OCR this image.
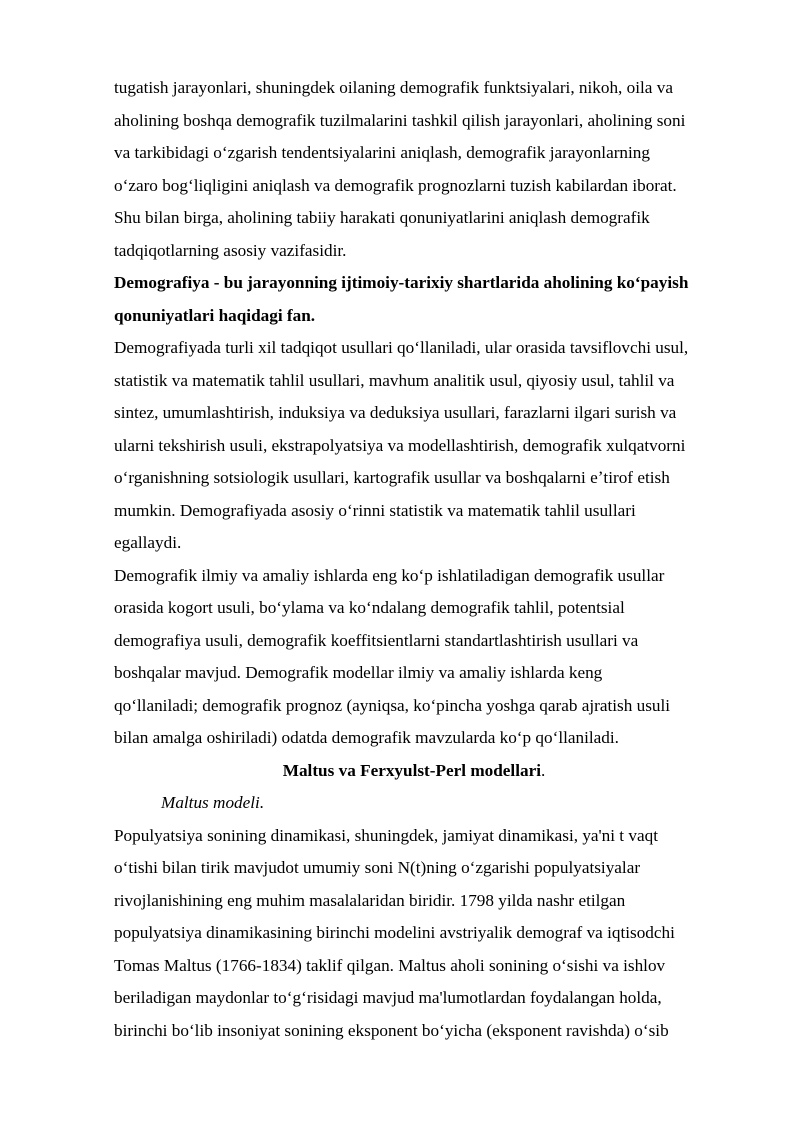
tugatish jarayonlari, shuningdek oilaning demografik funktsiyalari, nikoh, oila va
aholining boshqa demografik tuzilmalarini tashkil qilish jarayonlari, aholining soni
va tarkibidagi oʻzgarish tendentsiyalarini aniqlash, demografik jarayonlarning
oʻzaro bogʻliqligini aniqlash va demografik prognozlarni tuzish kabilardan iborat.
Shu bilan birga, aholining tabiiy harakati qonuniyatlarini aniqlash demografik
tadqiqotlarning asosiy vazifasidir.

Demografiya - bu jarayonning ijtimoiy-tarixiy shartlarida aholining koʻpayish
qonuniyatlari haqidagi fan.

Demografiyada turli xil tadqiqot usullari qoʻllaniladi, ular orasida tavsiflovchi usul,
statistik va matematik tahlil usullari, mavhum analitik usul, qiyosiy usul, tahlil va
sintez, umumlashtirish, induksiya va deduksiya usullari, farazlarni ilgari surish va
ularni tekshirish usuli, ekstrapolyatsiya va modellashtirish, demografik xulqatvorni
oʻrganishning sotsiologik usullari, kartografik usullar va boshqalarni eʼtirof etish
mumkin. Demografiyada asosiy oʻrinni statistik va matematik tahlil usullari
egallaydi.

Demografik ilmiy va amaliy ishlarda eng koʻp ishlatiladigan demografik usullar
orasida kogort usuli, boʻylama va koʻndalang demografik tahlil, potentsial
demografiya usuli, demografik koeffitsientlarni standartlashtirish usullari va
boshqalar mavjud. Demografik modellar ilmiy va amaliy ishlarda keng
qoʻllaniladi; demografik prognoz (ayniqsa, koʻpincha yoshga qarab ajratish usuli
bilan amalga oshiriladi) odatda demografik mavzularda koʻp qoʻllaniladi.

Maltus va Ferxyulst-Perl modellari.

Maltus modeli.

Populyatsiya sonining dinamikasi, shuningdek, jamiyat dinamikasi, ya'ni t vaqt
oʻtishi bilan tirik mavjudot umumiy soni N(t)ning oʻzgarishi populyatsiyalar
rivojlanishining eng muhim masalalaridan biridir. 1798 yilda nashr etilgan
populyatsiya dinamikasining birinchi modelini avstriyalik demograf va iqtisodchi
Tomas Maltus (1766-1834) taklif qilgan. Maltus aholi sonining oʻsishi va ishlov
beriladigan maydonlar toʻgʻrisidagi mavjud ma'lumotlardan foydalangan holda,
birinchi boʻlib insoniyat sonining eksponent boʻyicha (eksponent ravishda) oʻsib
